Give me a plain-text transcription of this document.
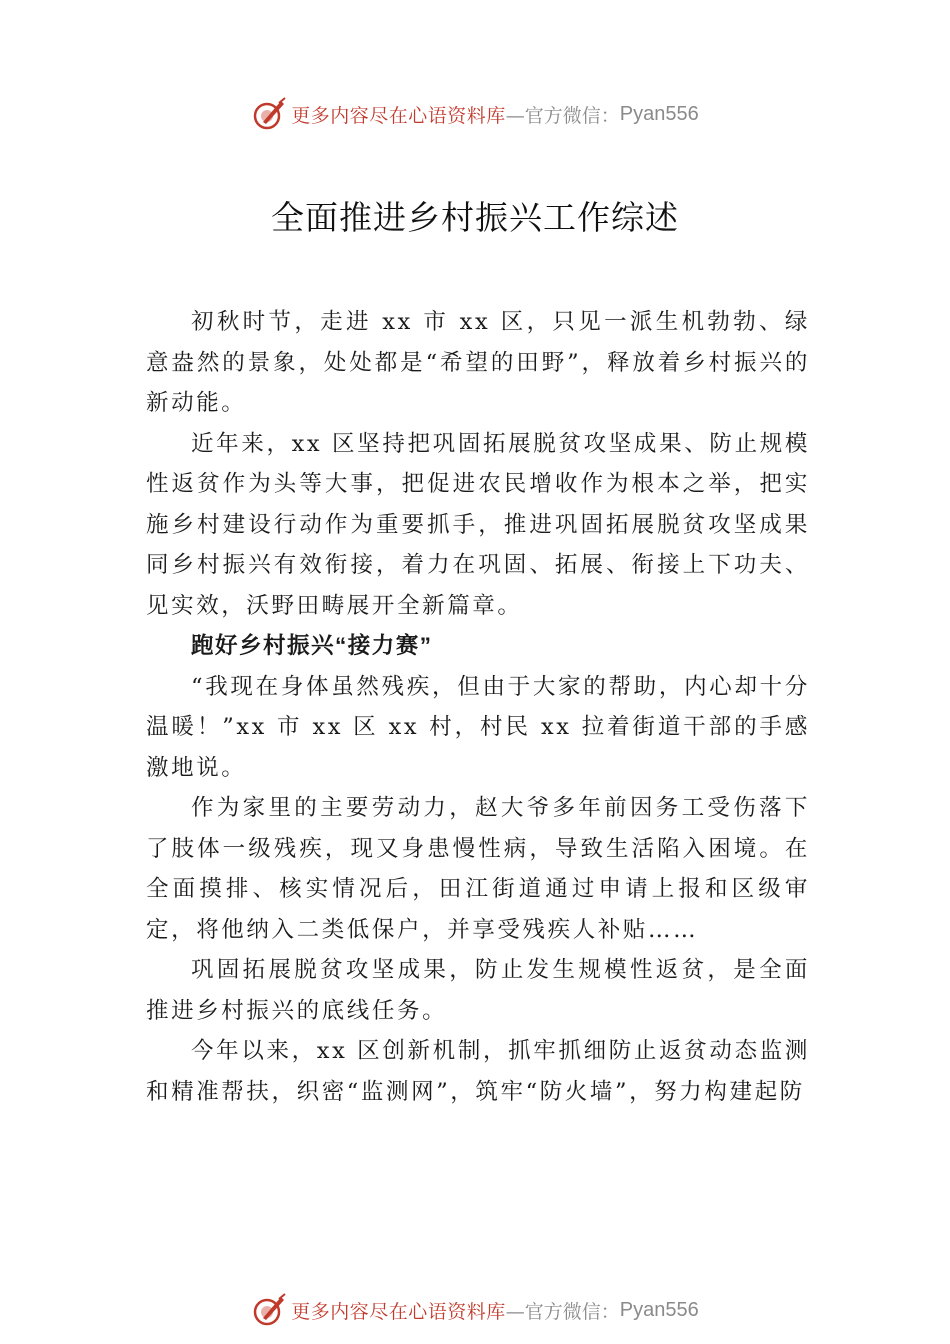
更多内容尽在心语资料库 —官方微信： Pyan556
全面推进乡村振兴工作综述

初秋时节，走进 xx 市 xx 区，只见一派生机勃勃、绿意盎然的景象，处处都是“希望的田野”，释放着乡村振兴的新动能。

近年来，xx 区坚持把巩固拓展脱贫攻坚成果、防止规模性返贫作为头等大事，把促进农民增收作为根本之举，把实施乡村建设行动作为重要抓手，推进巩固拓展脱贫攻坚成果同乡村振兴有效衔接，着力在巩固、拓展、衔接上下功夫、 见实效，沃野田畴展开全新篇章。

跑好乡村振兴“接力赛”

“我现在身体虽然残疾，但由于大家的帮助，内心却十分温暖！”xx 市 xx 区 xx 村，村民 xx 拉着街道干部的手感激地说。

作为家里的主要劳动力，赵大爷多年前因务工受伤落下了肢体一级残疾，现又身患慢性病，导致生活陷入困境。在全面摸排、核实情况后，田江街道通过申请上报和区级审定，将他纳入二类低保户，并享受残疾人补贴……

巩固拓展脱贫攻坚成果，防止发生规模性返贫，是全面推进乡村振兴的底线任务。

今年以来，xx 区创新机制，抓牢抓细防止返贫动态监测和精准帮扶，织密“监测网”，筑牢“防火墙”，努力构建起防

更多内容尽在心语资料库 —官方微信： Pyan556
